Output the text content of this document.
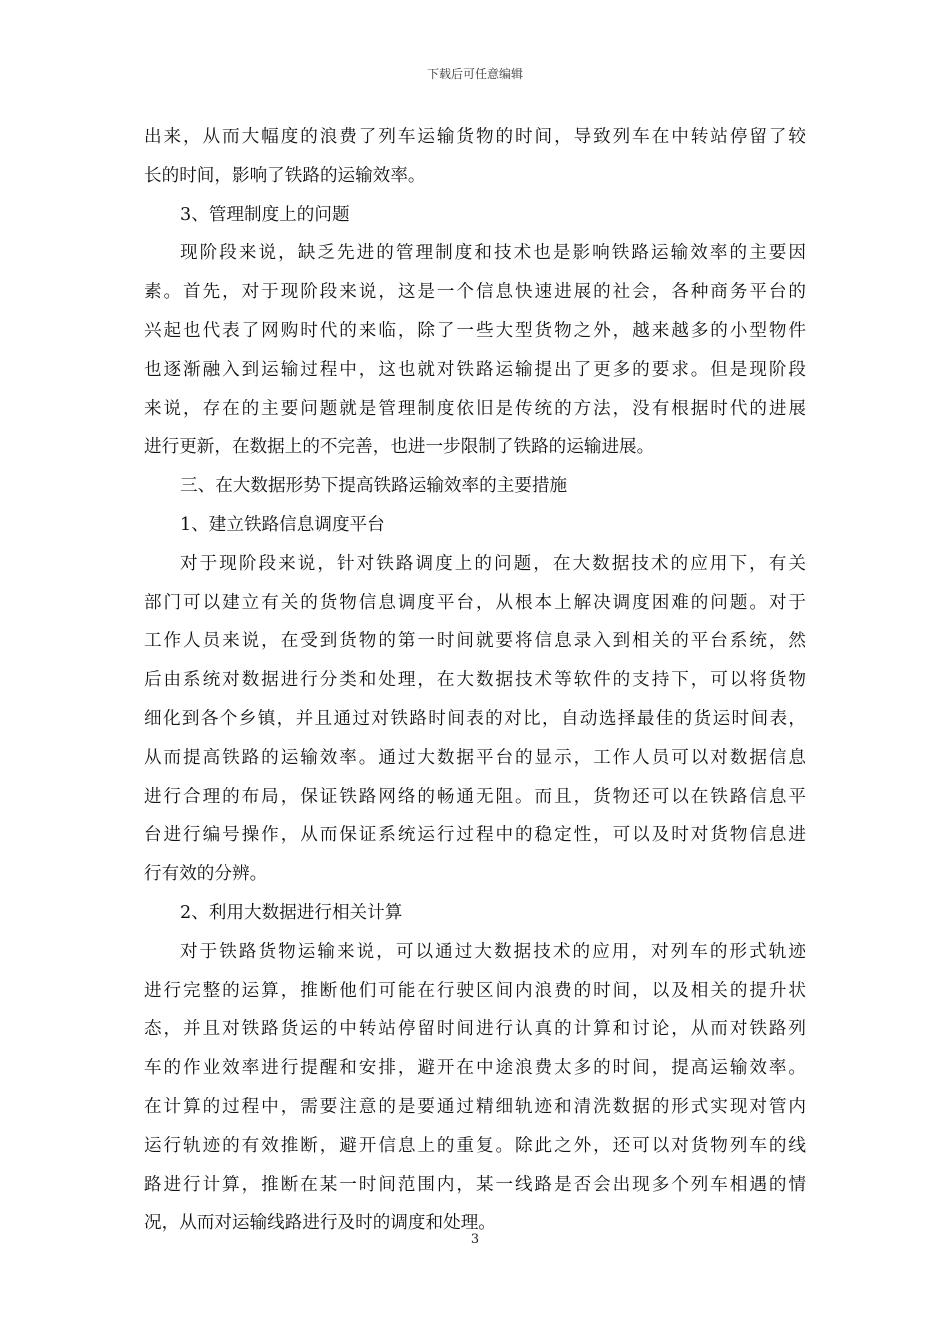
下载后可任意编辑
出来，从而大幅度的浪费了列车运输货物的时间，导致列车在中转站停留了较
长的时间，影响了铁路的运输效率。
3、管理制度上的问题
现阶段来说，缺乏先进的管理制度和技术也是影响铁路运输效率的主要因
素。首先，对于现阶段来说，这是一个信息快速进展的社会，各种商务平台的
兴起也代表了网购时代的来临，除了一些大型货物之外，越来越多的小型物件
也逐渐融入到运输过程中，这也就对铁路运输提出了更多的要求。但是现阶段
来说，存在的主要问题就是管理制度依旧是传统的方法，没有根据时代的进展
进行更新，在数据上的不完善，也进一步限制了铁路的运输进展。
三、在大数据形势下提高铁路运输效率的主要措施
1、建立铁路信息调度平台
对于现阶段来说，针对铁路调度上的问题，在大数据技术的应用下，有关
部门可以建立有关的货物信息调度平台，从根本上解决调度困难的问题。对于
工作人员来说，在受到货物的第一时间就要将信息录入到相关的平台系统，然
后由系统对数据进行分类和处理，在大数据技术等软件的支持下，可以将货物
细化到各个乡镇，并且通过对铁路时间表的对比，自动选择最佳的货运时间表，
从而提高铁路的运输效率。通过大数据平台的显示，工作人员可以对数据信息
进行合理的布局，保证铁路网络的畅通无阻。而且，货物还可以在铁路信息平
台进行编号操作，从而保证系统运行过程中的稳定性，可以及时对货物信息进
行有效的分辨。
2、利用大数据进行相关计算
对于铁路货物运输来说，可以通过大数据技术的应用，对列车的形式轨迹
进行完整的运算，推断他们可能在行驶区间内浪费的时间，以及相关的提升状
态，并且对铁路货运的中转站停留时间进行认真的计算和讨论，从而对铁路列
车的作业效率进行提醒和安排，避开在中途浪费太多的时间，提高运输效率。
在计算的过程中，需要注意的是要通过精细轨迹和清洗数据的形式实现对管内
运行轨迹的有效推断，避开信息上的重复。除此之外，还可以对货物列车的线
路进行计算，推断在某一时间范围内，某一线路是否会出现多个列车相遇的情
况，从而对运输线路进行及时的调度和处理。
3
